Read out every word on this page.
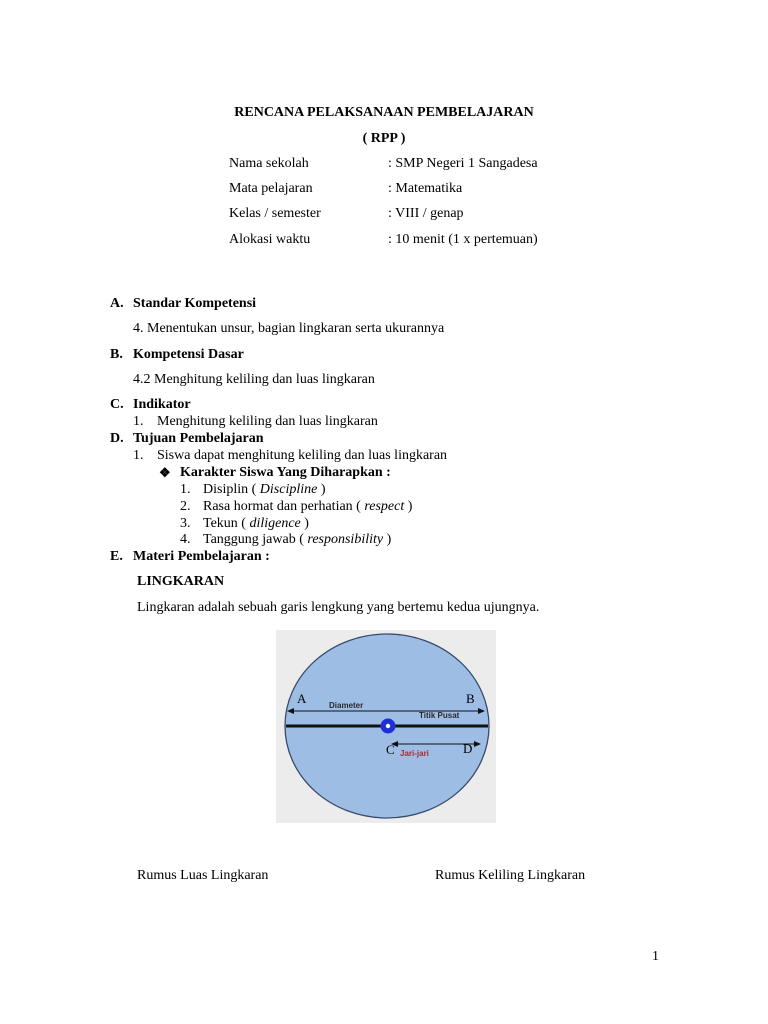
RENCANA PELAKSANAAN PEMBELAJARAN
( RPP )
Nama sekolah	: SMP Negeri 1 Sangadesa
Mata pelajaran	: Matematika
Kelas / semester	: VIII / genap
Alokasi waktu	: 10 menit (1 x pertemuan)
A. Standar Kompetensi
4. Menentukan unsur, bagian lingkaran serta ukurannya
B. Kompetensi Dasar
4.2 Menghitung keliling dan luas lingkaran
C. Indikator
1. Menghitung keliling dan luas lingkaran
D. Tujuan Pembelajaran
1. Siswa dapat menghitung keliling dan luas lingkaran
❖ Karakter Siswa Yang Diharapkan :
1. Disiplin ( Discipline )
2. Rasa hormat dan perhatian ( respect )
3. Tekun ( diligence )
4. Tanggung jawab ( responsibility )
E. Materi Pembelajaran :
LINGKARAN
Lingkaran adalah sebuah garis lengkung yang bertemu kedua ujungnya.
A	B
C	D
Diameter
Titik Pusat
Jari-jari
Rumus Luas Lingkaran	Rumus Keliling Lingkaran
1
